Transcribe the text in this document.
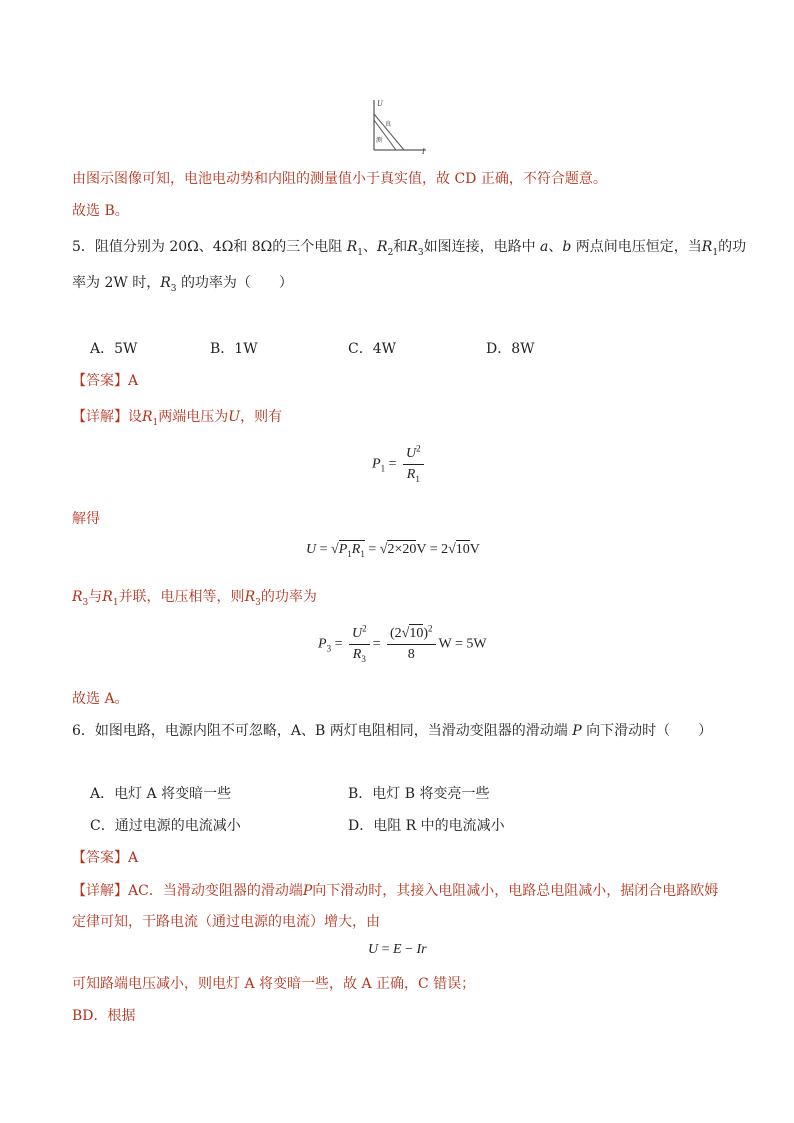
U
I
真
测
由图示图像可知，电池电动势和内阻的测量值小于真实值，故 CD 正确，不符合题意。
故选 B。
5．阻值分别为 20Ω、4Ω和 8Ω的三个电阻 $R_1$、$R_2$和$R_3$如图连接，电路中 a、b 两点间电压恒定，当$R_1$的功
率为 2W 时，$R_3$ 的功率为（　　）
A．5W	B．1W	C．4W	D．8W
【答案】A
【详解】设$R_1$两端电压为U，则有
$P_1 = \frac{U^2}{R_1}$
解得
$U = √P_1R_1 = √2\times 20V = 2√10V$
$R_3$与$R_1$并联，电压相等，则$R_3$的功率为
$P_3 = \frac{U^2}{R_3} = \frac{(2√10)^2}{8}$ W = 5W
故选 A。
6．如图电路，电源内阻不可忽略，A、B 两灯电阻相同，当滑动变阻器的滑动端 P 向下滑动时（　　）
A．电灯 A 将变暗一些	B．电灯 B 将变亮一些
C．通过电源的电流减小	D．电阻 R 中的电流减小
【答案】A
【详解】AC．当滑动变阻器的滑动端P向下滑动时，其接入电阻减小，电路总电阻减小，据闭合电路欧姆
定律可知，干路电流（通过电源的电流）增大，由
U = E − Ir
可知路端电压减小，则电灯 A 将变暗一些，故 A 正确，C 错误；
BD．根据
